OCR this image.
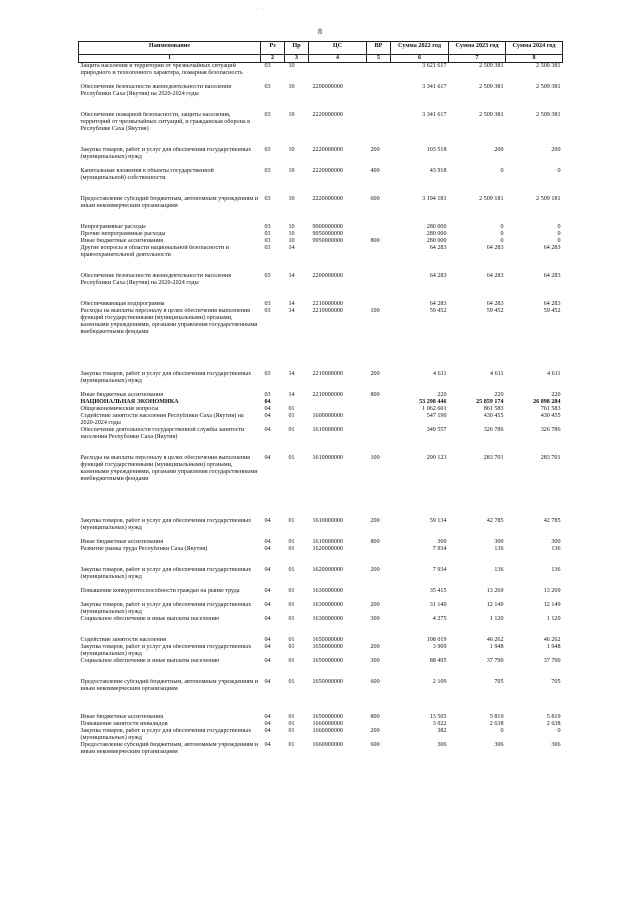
· · ·
8
Наименование	Рз	Пр	ЦС	ВР	Сумма 2022 год	Сумма 2023 год	Сумма 2024 год
1	2	3	4	5	6	7	8
Защита населения и территории от чрезвычайных ситуаций природного и техногенного характера, пожарная безопасность	03	10			3 621 617	2 509 381	2 509 381
Обеспечение безопасности жизнедеятельности населения Республики Саха (Якутия) на 2020-2024 годы	03	10	2200000000		3 341 617	2 509 381	2 509 381
Обеспечение пожарной безопасности, защиты населения, территорий от чрезвычайных ситуаций, и гражданская оборона в Республике Саха (Якутия)	03	10	2220000000		3 341 617	2 509 381	2 509 381
Закупка товаров, работ и услуг для обеспечения государственных (муниципальных) нужд	03	10	2220000000	200	103 518	200	200
Капитальные вложения в объекты государственной (муниципальной) собственности	03	10	2220000000	400	43 918	0	0
Предоставление субсидий бюджетным, автономным учреждениям и иным некоммерческим организациям	03	10	2220000000	600	3 194 181	2 509 181	2 509 181
Непрограммные расходы	03	10	9900000000		280 000	0	0
Прочие непрограммные расходы	03	10	9950000000		280 000	0	0
Иные бюджетные ассигнования	03	10	9950000000	800	280 000	0	0
Другие вопросы в области национальной безопасности и правоохранительной деятельности	03	14			64 283	64 283	64 283
Обеспечение безопасности жизнедеятельности населения Республики Саха (Якутия) на 2020-2024 годы	03	14	2200000000		64 283	64 283	64 283
Обеспечивающая подпрограмма	03	14	2210000000		64 283	64 283	64 283
Расходы на выплаты персоналу в целях обеспечения выполнения функций государственными (муниципальными) органами, казенными учреждениями, органами управления государственными внебюджетными фондами	03	14	2210000000	100	59 452	59 452	59 452
Закупка товаров, работ и услуг для обеспечения государственных (муниципальных) нужд	03	14	2210000000	200	4 611	4 611	4 611
Иные бюджетные ассигнования	03	14	2210000000	800	220	220	220
НАЦИОНАЛЬНАЯ ЭКОНОМИКА	04				53 298 446	25 859 174	26 898 284
Общеэкономические вопросы	04	01			1 062 601	861 583	761 583
Содействие занятости населения Республики Саха (Якутия) на 2020-2024 годы	04	01	1600000000		547 190	430 455	430 455
Обеспечение деятельности государственной службы занятости населения Республики Саха (Якутия)	04	01	1610000000		349 557	326 786	326 786
Расходы на выплаты персоналу в целях обеспечения выполнения функций государственными (муниципальными) органами, казенными учреждениями, органами управления государственными внебюджетными фондами	04	01	1610000000	100	290 123	283 701	283 701
Закупка товаров, работ и услуг для обеспечения государственных (муниципальных) нужд	04	01	1610000000	200	59 134	42 785	42 785
Иные бюджетные ассигнования	04	01	1610000000	800	300	300	300
Развитие рынка труда Республики Саха (Якутия)	04	01	1620000000		7 934	136	136
Закупка товаров, работ и услуг для обеспечения государственных (муниципальных) нужд	04	01	1620000000	200	7 934	136	136
Повышение конкурентоспособности граждан на рынке труда	04	01	1630000000		35 415	13 269	13 269
Закупка товаров, работ и услуг для обеспечения государственных (муниципальных) нужд	04	01	1630000000	200	31 140	12 149	12 149
Социальное обеспечение и иные выплаты населению	04	01	1630000000	300	4 275	1 120	1 120
Содействие занятости населения	04	01	1650000000		108 019	46 262	46 262
Закупка товаров, работ и услуг для обеспечения государственных (муниципальных) нужд	04	01	1650000000	200	3 909	1 948	1 948
Социальное обеспечение и иные выплаты населению	04	01	1650000000	300	88 495	37 790	37 790
Предоставление субсидий бюджетным, автономным учреждениям и иным некоммерческим организациям	04	01	1650000000	600	2 109	705	705
Иные бюджетные ассигнования	04	01	1650000000	800	13 505	5 819	5 819
Повышение занятости инвалидов	04	01	1660000000		3 022	2 638	2 638
Закупка товаров, работ и услуг для обеспечения государственных (муниципальных) нужд	04	01	1660000000	200	382	0	0
Предоставление субсидий бюджетным, автономным учреждениям и иным некоммерческим организациям	04	01	1660000000	600	306	306	306
